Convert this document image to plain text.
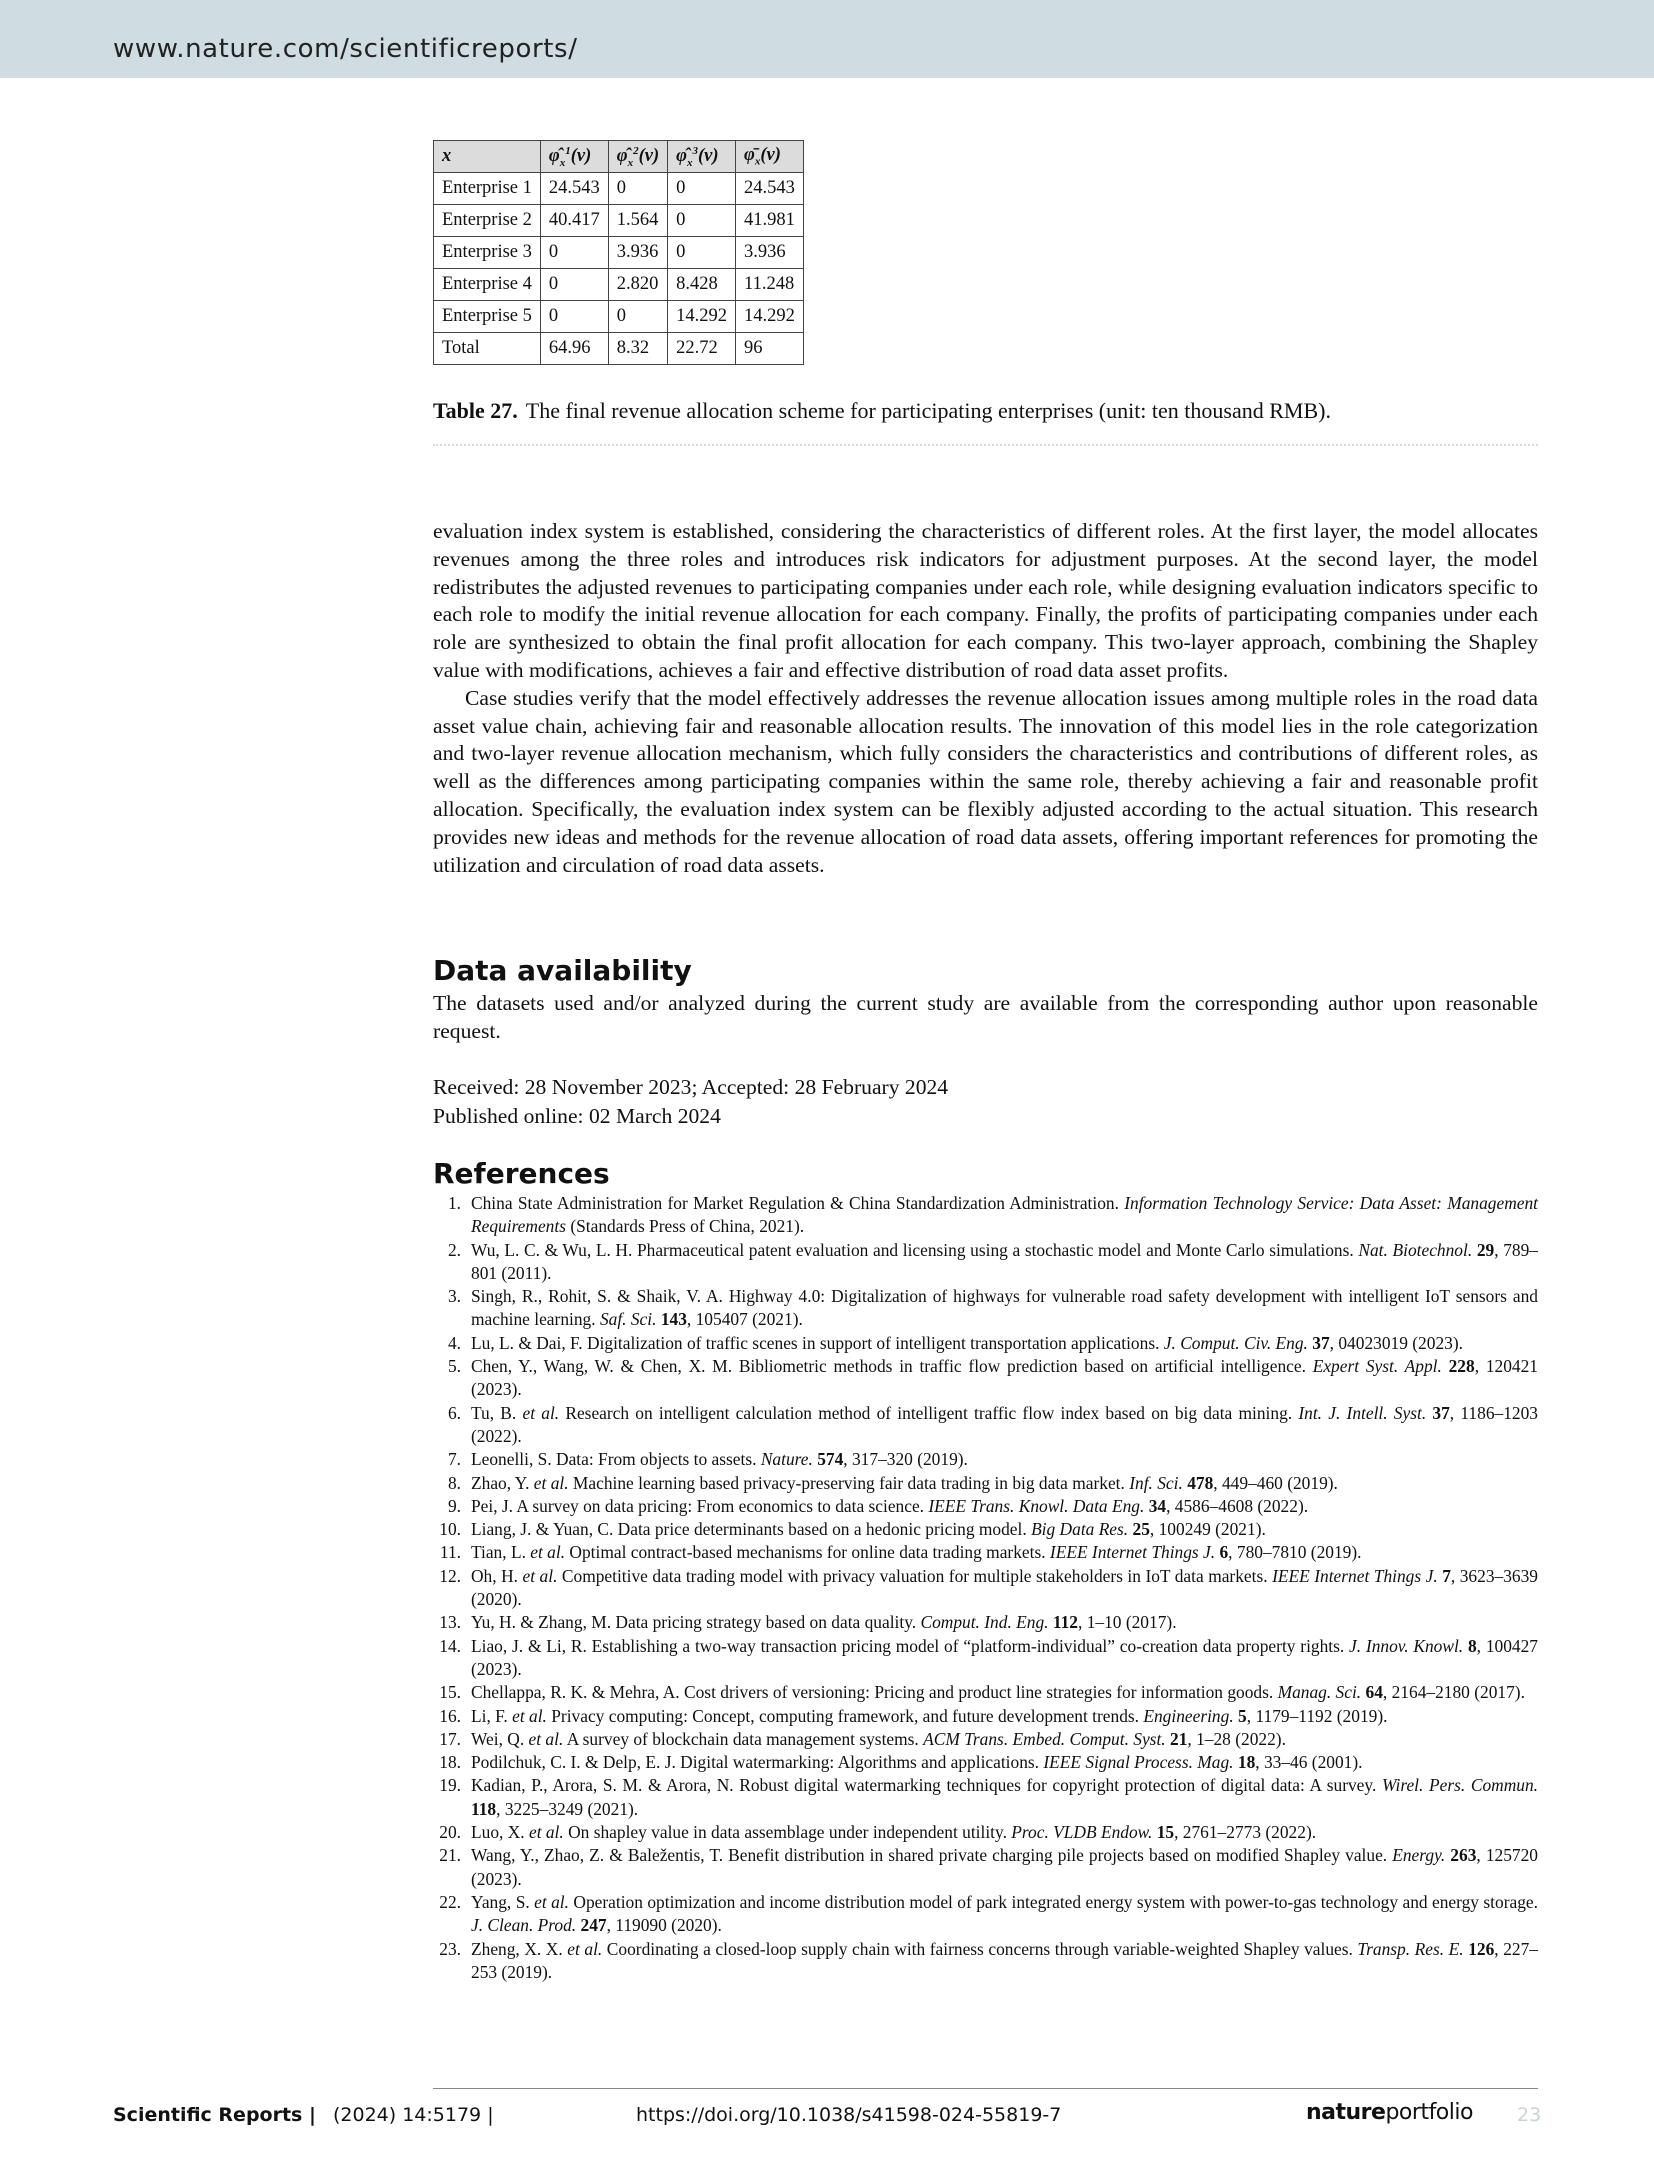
www.nature.com/scientificreports/
x	$\varphî_x^1(v)$	$\varphî_x^2(v)$	$\varphî_x^3(v)$	$\varphī_x(v)$
Enterprise 1	24.543	0	0	24.543
Enterprise 2	40.417	1.564	0	41.981
Enterprise 3	0	3.936	0	3.936
Enterprise 4	0	2.820	8.428	11.248
Enterprise 5	0	0	14.292	14.292
Total	64.96	8.32	22.72	96
Table 27. The final revenue allocation scheme for participating enterprises (unit: ten thousand RMB).

evaluation index system is established, considering the characteristics of different roles. At the first layer, the model allocates revenues among the three roles and introduces risk indicators for adjustment purposes. At the second layer, the model redistributes the adjusted revenues to participating companies under each role, while designing evaluation indicators specific to each role to modify the initial revenue allocation for each company. Finally, the profits of participating companies under each role are synthesized to obtain the final profit allocation for each company. This two-layer approach, combining the Shapley value with modifications, achieves a fair and effective distribution of road data asset profits.

Case studies verify that the model effectively addresses the revenue allocation issues among multiple roles in the road data asset value chain, achieving fair and reasonable allocation results. The innovation of this model lies in the role categorization and two-layer revenue allocation mechanism, which fully considers the characteristics and contributions of different roles, as well as the differences among participating companies within the same role, thereby achieving a fair and reasonable profit allocation. Specifically, the evaluation index system can be flexibly adjusted according to the actual situation. This research provides new ideas and methods for the revenue allocation of road data assets, offering important references for promoting the utilization and circulation of road data assets.

Data availability
The datasets used and/or analyzed during the current study are available from the corresponding author upon reasonable request.
Received: 28 November 2023; Accepted: 28 February 2024
Published online: 02 March 2024
References
1. China State Administration for Market Regulation & China Standardization Administration. Information Technology Service: Data Asset: Management Requirements (Standards Press of China, 2021).
2. Wu, L. C. & Wu, L. H. Pharmaceutical patent evaluation and licensing using a stochastic model and Monte Carlo simulations. Nat. Biotechnol. 29, 789–801 (2011).
3. Singh, R., Rohit, S. & Shaik, V. A. Highway 4.0: Digitalization of highways for vulnerable road safety development with intelligent IoT sensors and machine learning. Saf. Sci. 143, 105407 (2021).
4. Lu, L. & Dai, F. Digitalization of traffic scenes in support of intelligent transportation applications. J. Comput. Civ. Eng. 37, 04023019 (2023).
5. Chen, Y., Wang, W. & Chen, X. M. Bibliometric methods in traffic flow prediction based on artificial intelligence. Expert Syst. Appl. 228, 120421 (2023).
6. Tu, B. et al. Research on intelligent calculation method of intelligent traffic flow index based on big data mining. Int. J. Intell. Syst. 37, 1186–1203 (2022).
7. Leonelli, S. Data: From objects to assets. Nature. 574, 317–320 (2019).
8. Zhao, Y. et al. Machine learning based privacy-preserving fair data trading in big data market. Inf. Sci. 478, 449–460 (2019).
9. Pei, J. A survey on data pricing: From economics to data science. IEEE Trans. Knowl. Data Eng. 34, 4586–4608 (2022).
10. Liang, J. & Yuan, C. Data price determinants based on a hedonic pricing model. Big Data Res. 25, 100249 (2021).
11. Tian, L. et al. Optimal contract-based mechanisms for online data trading markets. IEEE Internet Things J. 6, 780–7810 (2019).
12. Oh, H. et al. Competitive data trading model with privacy valuation for multiple stakeholders in IoT data markets. IEEE Internet Things J. 7, 3623–3639 (2020).
13. Yu, H. & Zhang, M. Data pricing strategy based on data quality. Comput. Ind. Eng. 112, 1–10 (2017).
14. Liao, J. & Li, R. Establishing a two-way transaction pricing model of “platform-individual” co-creation data property rights. J. Innov. Knowl. 8, 100427 (2023).
15. Chellappa, R. K. & Mehra, A. Cost drivers of versioning: Pricing and product line strategies for information goods. Manag. Sci. 64, 2164–2180 (2017).
16. Li, F. et al. Privacy computing: Concept, computing framework, and future development trends. Engineering. 5, 1179–1192 (2019).
17. Wei, Q. et al. A survey of blockchain data management systems. ACM Trans. Embed. Comput. Syst. 21, 1–28 (2022).
18. Podilchuk, C. I. & Delp, E. J. Digital watermarking: Algorithms and applications. IEEE Signal Process. Mag. 18, 33–46 (2001).
19. Kadian, P., Arora, S. M. & Arora, N. Robust digital watermarking techniques for copyright protection of digital data: A survey. Wirel. Pers. Commun. 118, 3225–3249 (2021).
20. Luo, X. et al. On shapley value in data assemblage under independent utility. Proc. VLDB Endow. 15, 2761–2773 (2022).
21. Wang, Y., Zhao, Z. & Baležentis, T. Benefit distribution in shared private charging pile projects based on modified Shapley value. Energy. 263, 125720 (2023).
22. Yang, S. et al. Operation optimization and income distribution model of park integrated energy system with power-to-gas technology and energy storage. J. Clean. Prod. 247, 119090 (2020).
23. Zheng, X. X. et al. Coordinating a closed-loop supply chain with fairness concerns through variable-weighted Shapley values. Transp. Res. E. 126, 227–253 (2019).
Scientific Reports | (2024) 14:5179 |	https://doi.org/10.1038/s41598-024-55819-7	natureportfolio 23
